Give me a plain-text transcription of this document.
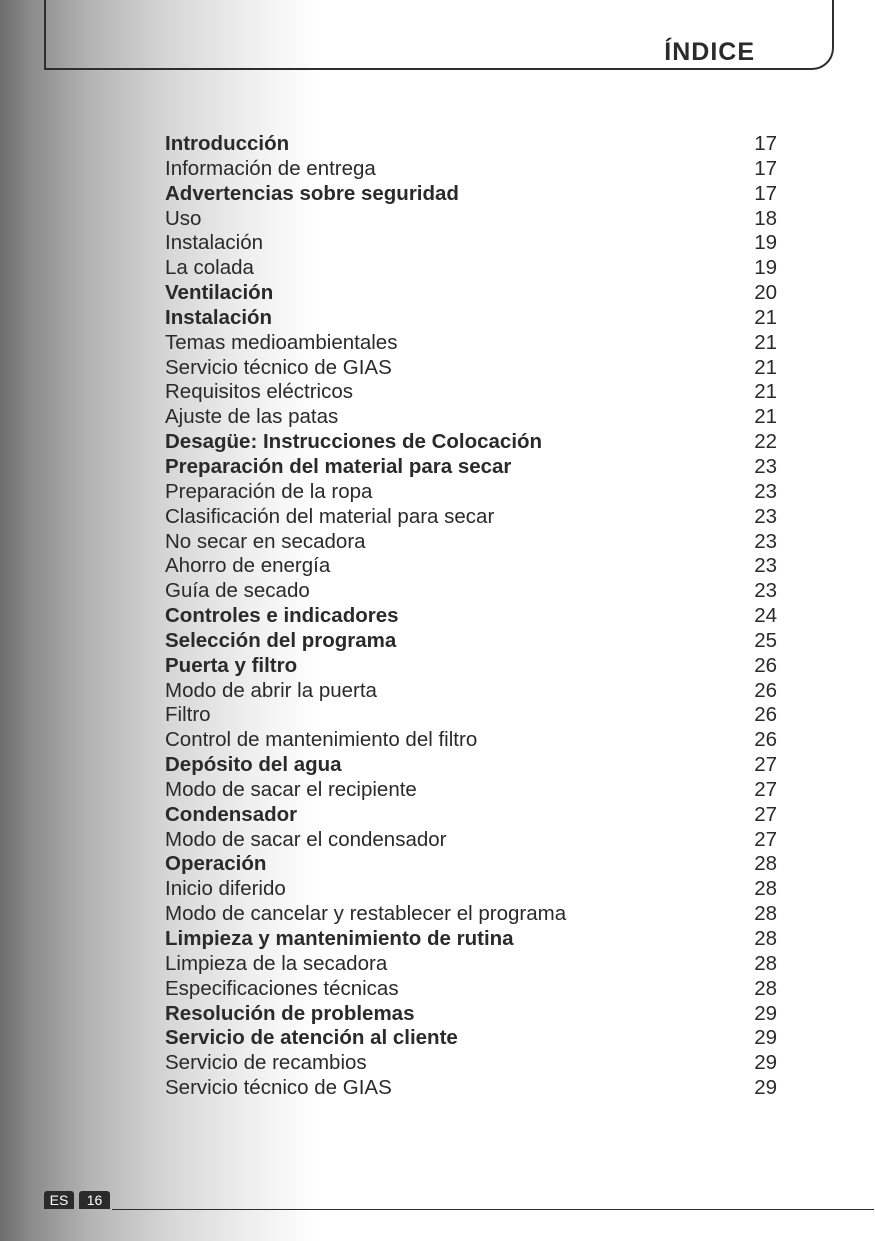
ÍNDICE
Introducción	17
Información de entrega	17
Advertencias sobre seguridad	17
Uso	18
Instalación	19
La colada	19
Ventilación	20
Instalación	21
Temas medioambientales	21
Servicio técnico de GIAS	21
Requisitos eléctricos	21
Ajuste de las patas	21
Desagüe: Instrucciones de Colocación	22
Preparación del material para secar	23
Preparación de la ropa	23
Clasificación del material para secar	23
No secar en secadora	23
Ahorro de energía	23
Guía de secado	23
Controles e indicadores	24
Selección del programa	25
Puerta y filtro	26
Modo de abrir la puerta	26
Filtro	26
Control de mantenimiento del filtro	26
Depósito del agua	27
Modo de sacar el recipiente	27
Condensador	27
Modo de sacar el condensador	27
Operación	28
Inicio diferido	28
Modo de cancelar y restablecer el programa	28
Limpieza y mantenimiento de rutina	28
Limpieza de la secadora	28
Especificaciones técnicas	28
Resolución de problemas	29
Servicio de atención al cliente	29
Servicio de recambios	29
Servicio técnico de GIAS	29
ES	16
